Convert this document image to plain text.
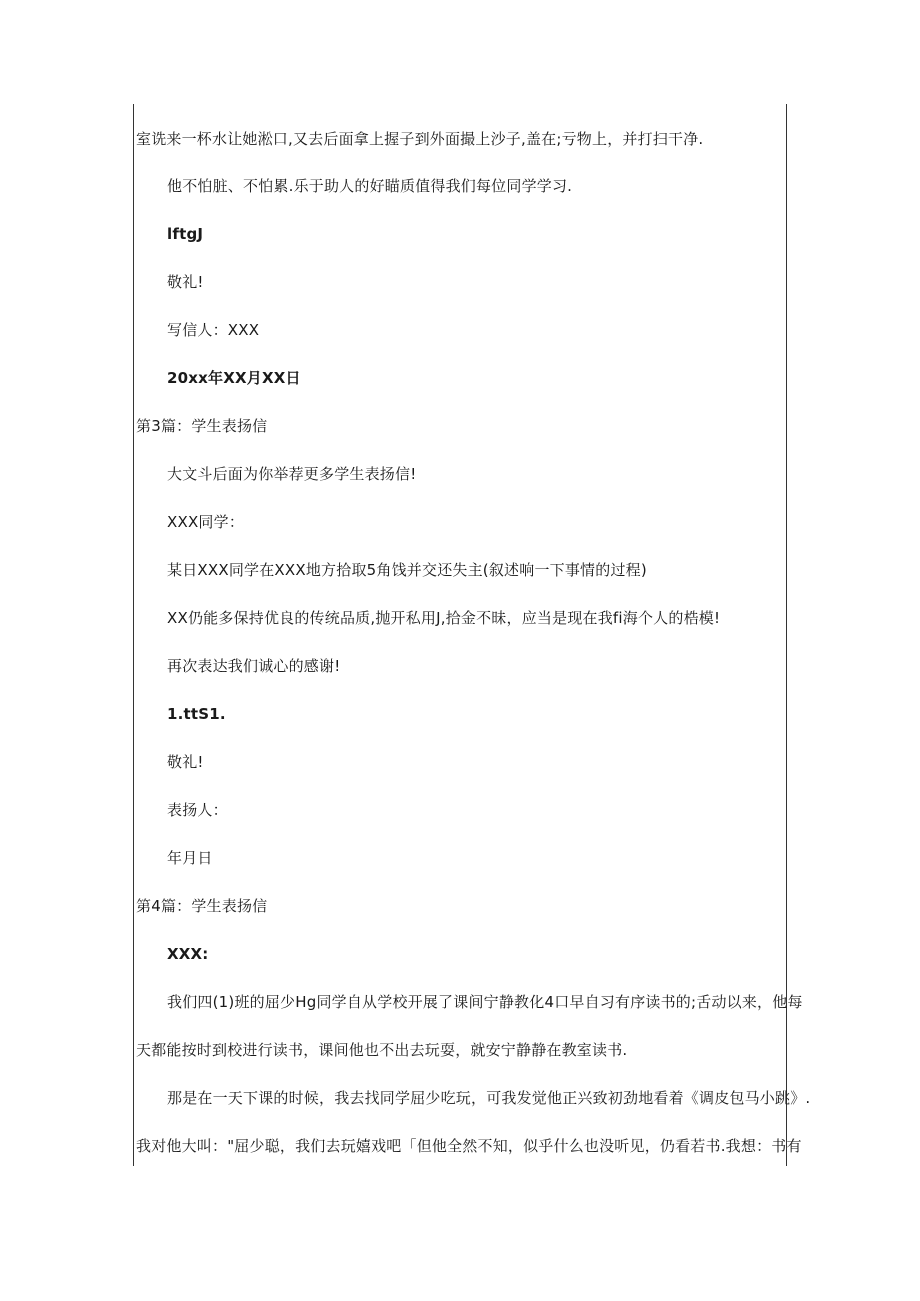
室诜来一杯水让她淞口,又去后面拿上握子到外面撮上沙子,盖在;亏物上，并打扫干净.
他不怕脏、不怕累.乐于助人的好瞄质值得我们每位同学学习.
lftgJ
敬礼!
写信人：XXX
20xx年XX月XX日
第3篇：学生表扬信
大文斗后面为你举荐更多学生表扬信!
XXX同学：
某日XXX同学在XXX地方拾取5角饯并交还失主(叙述响一下事情的过程)
XX仍能多保持优良的传统品质,抛开私用J,拾金不昧，应当是现在我fi海个人的梏模!
再次表达我们诚心的感谢!
1.ttS1.
敬礼!
表扬人：
年月日
第4篇：学生表扬信
XXX:
我们四(1)班的屈少Hg同学自从学校开展了课间宁静教化4口早自习有序读书的;舌动以来，他每
天都能按时到校进行读书，课间他也不出去玩耍，就安宁静静在教室读书.
那是在一天下课的时候，我去找同学屈少吃玩，可我发觉他正兴致初劲地看着《调皮包马小跳》.
我对他大叫："屈少聪，我们去玩嬉戏吧「但他全然不知，似乎什么也没听见，仍看若书.我想：书有
